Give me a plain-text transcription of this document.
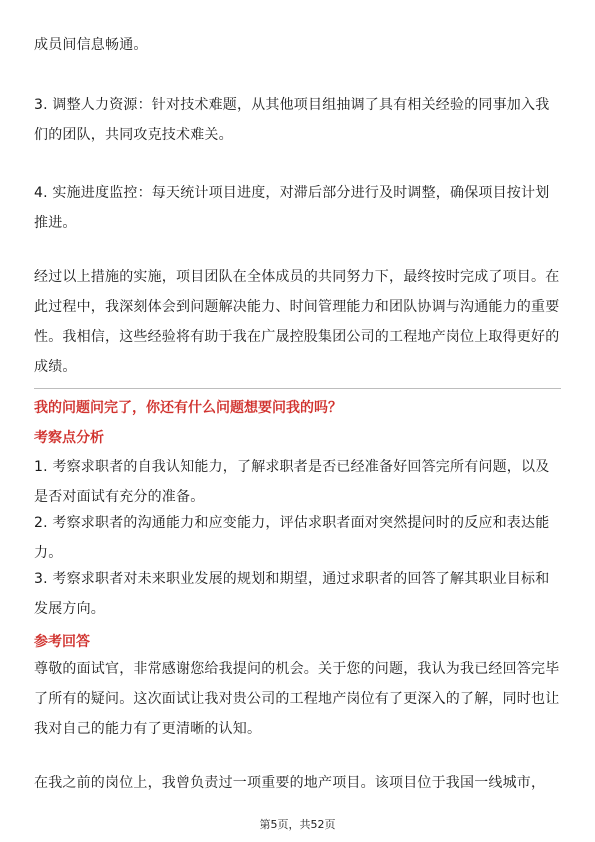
成员间信息畅通。

3. 调整人力资源：针对技术难题，从其他项目组抽调了具有相关经验的同事加入我们的团队，共同攻克技术难关。

4. 实施进度监控：每天统计项目进度，对滞后部分进行及时调整，确保项目按计划推进。

经过以上措施的实施，项目团队在全体成员的共同努力下，最终按时完成了项目。在此过程中，我深刻体会到问题解决能力、时间管理能力和团队协调与沟通能力的重要性。我相信，这些经验将有助于我在广晟控股集团公司的工程地产岗位上取得更好的成绩。

我的问题问完了，你还有什么问题想要问我的吗？

考察点分析

1. 考察求职者的自我认知能力，了解求职者是否已经准备好回答完所有问题，以及是否对面试有充分的准备。

2. 考察求职者的沟通能力和应变能力，评估求职者面对突然提问时的反应和表达能力。

3. 考察求职者对未来职业发展的规划和期望，通过求职者的回答了解其职业目标和发展方向。

参考回答

尊敬的面试官，非常感谢您给我提问的机会。关于您的问题，我认为我已经回答完毕了所有的疑问。这次面试让我对贵公司的工程地产岗位有了更深入的了解，同时也让我对自己的能力有了更清晰的认知。

在我之前的岗位上，我曾负责过一项重要的地产项目。该项目位于我国一线城市，

第5页，共52页
